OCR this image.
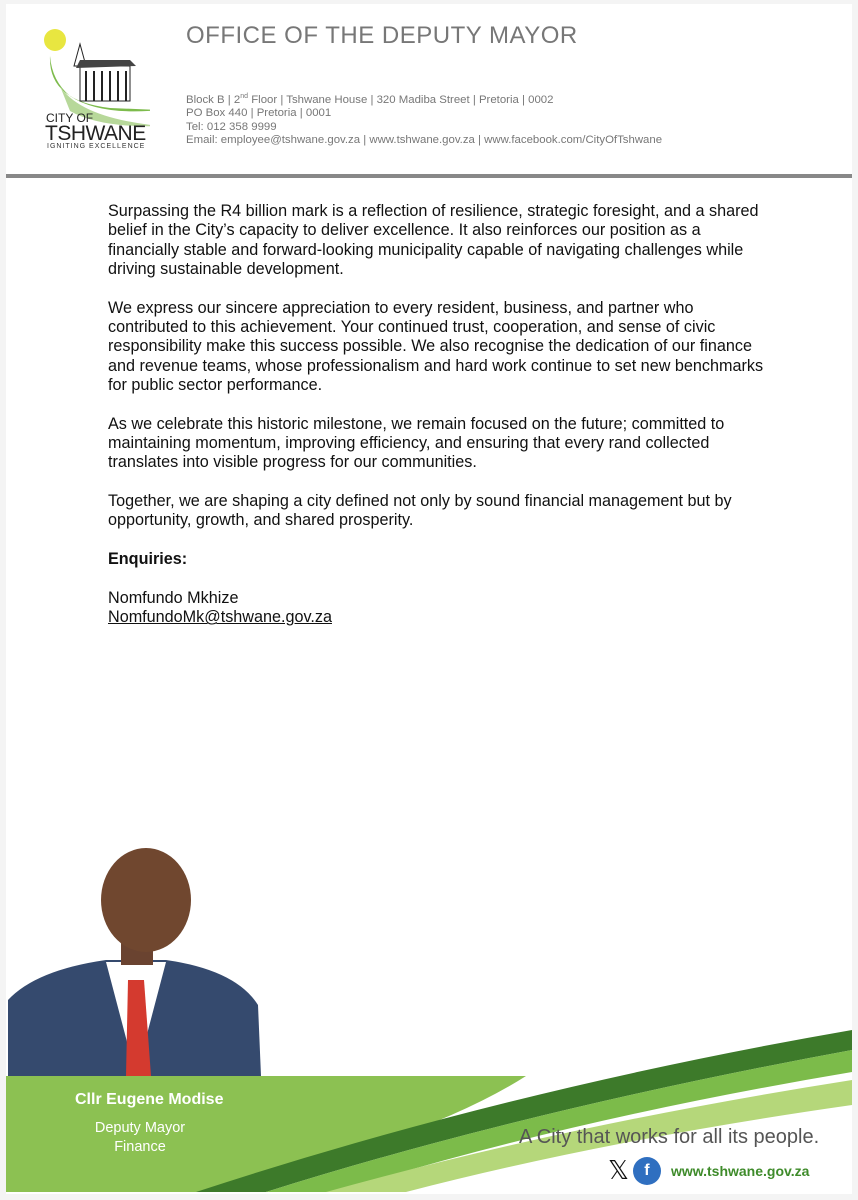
CITY OF
TSHWANE
IGNITING EXCELLENCE
OFFICE OF THE DEPUTY MAYOR
Block B | 2nd Floor | Tshwane House | 320 Madiba Street | Pretoria | 0002
PO Box 440 | Pretoria | 0001
Tel: 012 358 9999
Email: employee@tshwane.gov.za | www.tshwane.gov.za | www.facebook.com/CityOfTshwane

Surpassing the R4 billion mark is a reflection of resilience, strategic foresight, and a shared belief in the City’s capacity to deliver excellence. It also reinforces our position as a financially stable and forward-looking municipality capable of navigating challenges while driving sustainable development.

We express our sincere appreciation to every resident, business, and partner who contributed to this achievement. Your continued trust, cooperation, and sense of civic responsibility make this success possible. We also recognise the dedication of our finance and revenue teams, whose professionalism and hard work continue to set new benchmarks for public sector performance.

As we celebrate this historic milestone, we remain focused on the future; committed to maintaining momentum, improving efficiency, and ensuring that every rand collected translates into visible progress for our communities.

Together, we are shaping a city defined not only by sound financial management but by opportunity, growth, and shared prosperity.

Enquiries:

Nomfundo Mkhize
NomfundoMk@tshwane.gov.za
Cllr Eugene Modise
Deputy Mayor
Finance	A City that works for all its people.
𝕏 f	www.tshwane.gov.za
